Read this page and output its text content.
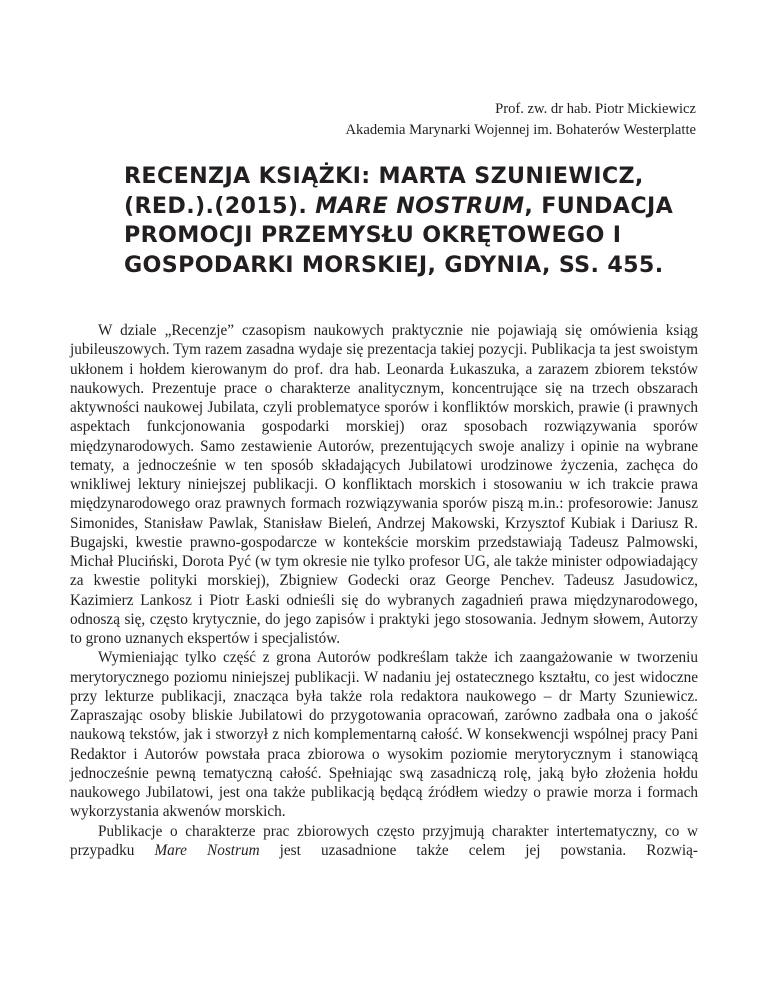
Prof. zw. dr hab. Piotr Mickiewicz
Akademia Marynarki Wojennej im. Bohaterów Westerplatte
RECENZJA KSIĄŻKI: MARTA SZUNIEWICZ, (RED.).(2015). MARE NOSTRUM, FUNDACJA PROMOCJI PRZEMYSŁU OKRĘTOWEGO I GOSPODARKI MORSKIEJ, GDYNIA, SS. 455.

W dziale „Recenzje” czasopism naukowych praktycznie nie pojawiają się omówienia ksiąg jubileuszowych. Tym razem zasadna wydaje się prezentacja takiej pozycji. Publikacja ta jest swoistym ukłonem i hołdem kierowanym do prof. dra hab. Leonarda Łukaszuka, a zarazem zbiorem tekstów naukowych. Prezentuje prace o charakterze analitycznym, koncentrujące się na trzech obszarach aktywności naukowej Jubilata, czyli problematyce sporów i konfliktów morskich, prawie (i prawnych aspektach funkcjonowania gospodarki morskiej) oraz sposobach rozwiązywania sporów międzynarodowych. Samo zestawienie Autorów, prezentujących swoje analizy i opinie na wybrane tematy, a jednocześnie w ten sposób składających Jubilatowi urodzinowe życzenia, zachęca do wnikliwej lektury niniejszej publikacji. O konfliktach morskich i stosowaniu w ich trakcie prawa międzynarodowego oraz prawnych formach rozwiązywania sporów piszą m.in.: profesorowie: Janusz Simonides, Stanisław Pawlak, Stanisław Bieleń, Andrzej Makowski, Krzysztof Kubiak i Dariusz R. Bugajski, kwestie prawno-gospodarcze w kontekście morskim przedstawiają Tadeusz Palmowski, Michał Pluciński, Dorota Pyć (w tym okresie nie tylko profesor UG, ale także minister odpowiadający za kwestie polityki morskiej), Zbigniew Godecki oraz George Penchev. Tadeusz Jasudowicz, Kazimierz Lankosz i Piotr Łaski odnieśli się do wybranych zagadnień prawa międzynarodowego, odnoszą się, często krytycznie, do jego zapisów i praktyki jego stosowania. Jednym słowem, Autorzy to grono uznanych ekspertów i specjalistów.

Wymieniając tylko część z grona Autorów podkreślam także ich zaangażowanie w tworzeniu merytorycznego poziomu niniejszej publikacji. W nadaniu jej ostatecznego kształtu, co jest widoczne przy lekturze publikacji, znacząca była także rola redaktora naukowego – dr Marty Szuniewicz. Zapraszając osoby bliskie Jubilatowi do przygotowania opracowań, zarówno zadbała ona o jakość naukową tekstów, jak i stworzył z nich komplementarną całość. W konsekwencji wspólnej pracy Pani Redaktor i Autorów powstała praca zbiorowa o wysokim poziomie merytorycznym i stanowiącą jednocześnie pewną tematyczną całość. Spełniając swą zasadniczą rolę, jaką było złożenia hołdu naukowego Jubilatowi, jest ona także publikacją będącą źródłem wiedzy o prawie morza i formach wykorzystania akwenów morskich.

Publikacje o charakterze prac zbiorowych często przyjmują charakter intertematyczny, co w przypadku Mare Nostrum jest uzasadnione także celem jej powstania. Rozwią-
